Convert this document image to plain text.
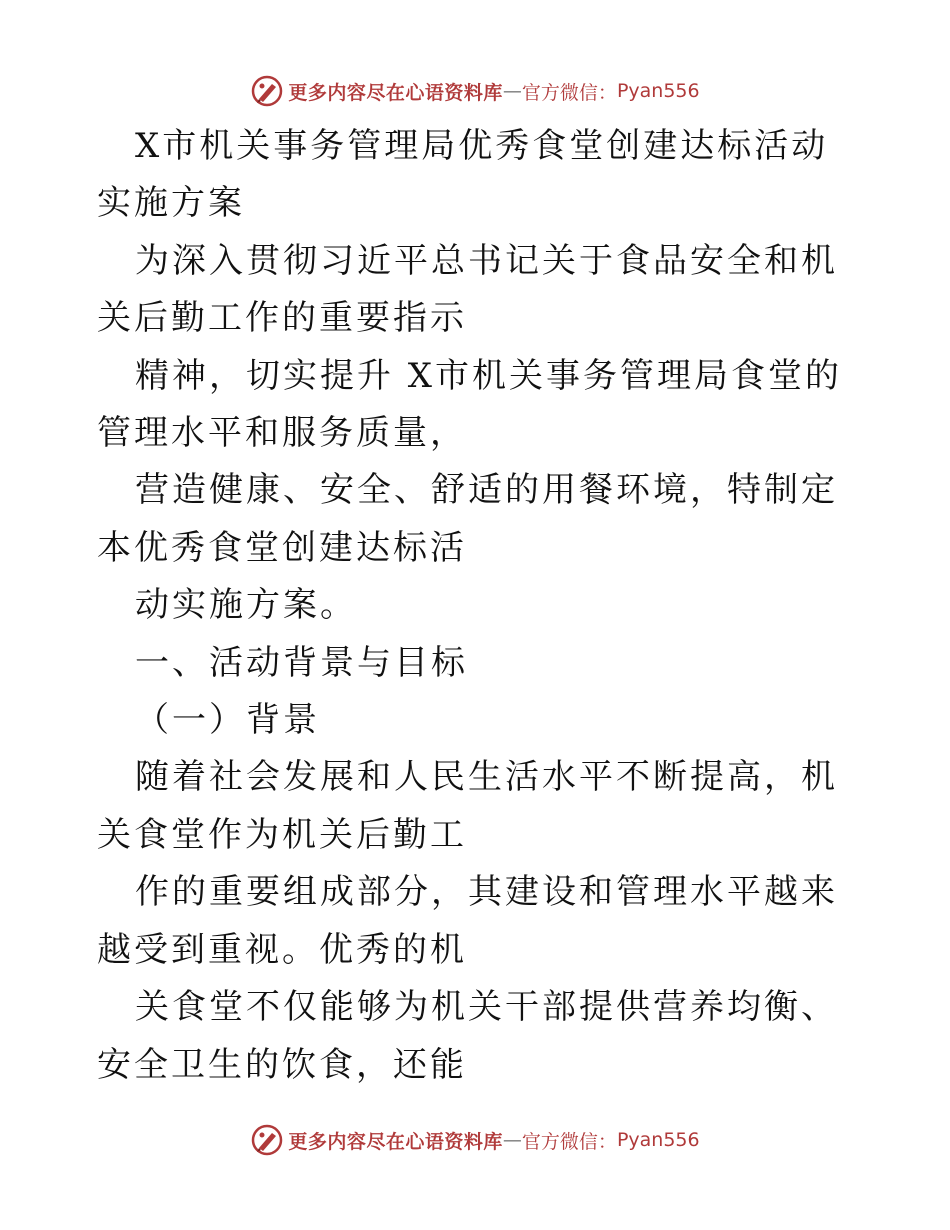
更多内容尽在心语资料库 — 官方微信： Pyan556

X市机关事务管理局优秀食堂创建达标活动实施方案

为深入贯彻习近平总书记关于食品安全和机关后勤工作的重要指示

精神，切实提升 X市机关事务管理局食堂的管理水平和服务质量，

营造健康、安全、舒适的用餐环境，特制定本优秀食堂创建达标活

动实施方案。

一、活动背景与目标

（一）背景

随着社会发展和人民生活水平不断提高，机关食堂作为机关后勤工

作的重要组成部分，其建设和管理水平越来越受到重视。优秀的机

关食堂不仅能够为机关干部提供营养均衡、安全卫生的饮食，还能

更多内容尽在心语资料库 — 官方微信： Pyan556
